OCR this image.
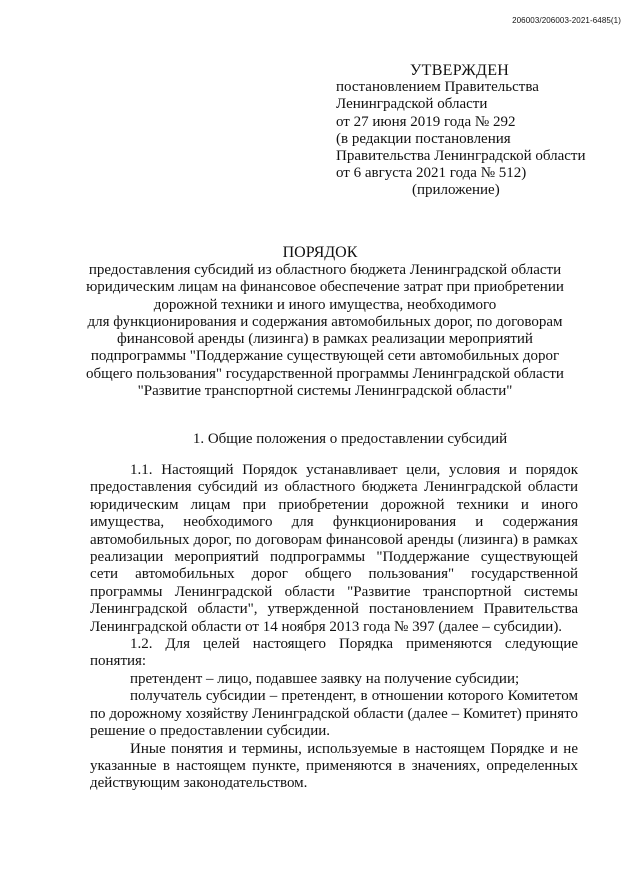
206003/206003-2021-6485(1)
УТВЕРЖДЕН
постановлением Правительства
Ленинградской области
от 27 июня 2019 года № 292
(в редакции постановления
Правительства Ленинградской области
от 6 августа 2021 года № 512)
(приложение)
ПОРЯДОК
предоставления субсидий из областного бюджета Ленинградской области
юридическим лицам на финансовое обеспечение затрат при приобретении
дорожной техники и иного имущества, необходимого
для функционирования и содержания автомобильных дорог, по договорам
финансовой аренды (лизинга) в рамках реализации мероприятий
подпрограммы "Поддержание существующей сети автомобильных дорог
общего пользования" государственной программы Ленинградской области
"Развитие транспортной системы Ленинградской области"
1. Общие положения о предоставлении субсидий

1.1. Настоящий Порядок устанавливает цели, условия и порядок предоставления субсидий из областного бюджета Ленинградской области юридическим лицам при приобретении дорожной техники и иного имущества, необходимого для функционирования и содержания автомобильных дорог, по договорам финансовой аренды (лизинга) в рамках реализации мероприятий подпрограммы "Поддержание существующей сети автомобильных дорог общего пользования" государственной программы Ленинградской области "Развитие транспортной системы Ленинградской области", утвержденной постановлением Правительства Ленинградской области от 14 ноября 2013 года № 397 (далее – субсидии).

1.2. Для целей настоящего Порядка применяются следующие понятия:

претендент – лицо, подавшее заявку на получение субсидии;

получатель субсидии – претендент, в отношении которого Комитетом по дорожному хозяйству Ленинградской области (далее – Комитет) принято решение о предоставлении субсидии.

Иные понятия и термины, используемые в настоящем Порядке и не указанные в настоящем пункте, применяются в значениях, определенных действующим законодательством.
